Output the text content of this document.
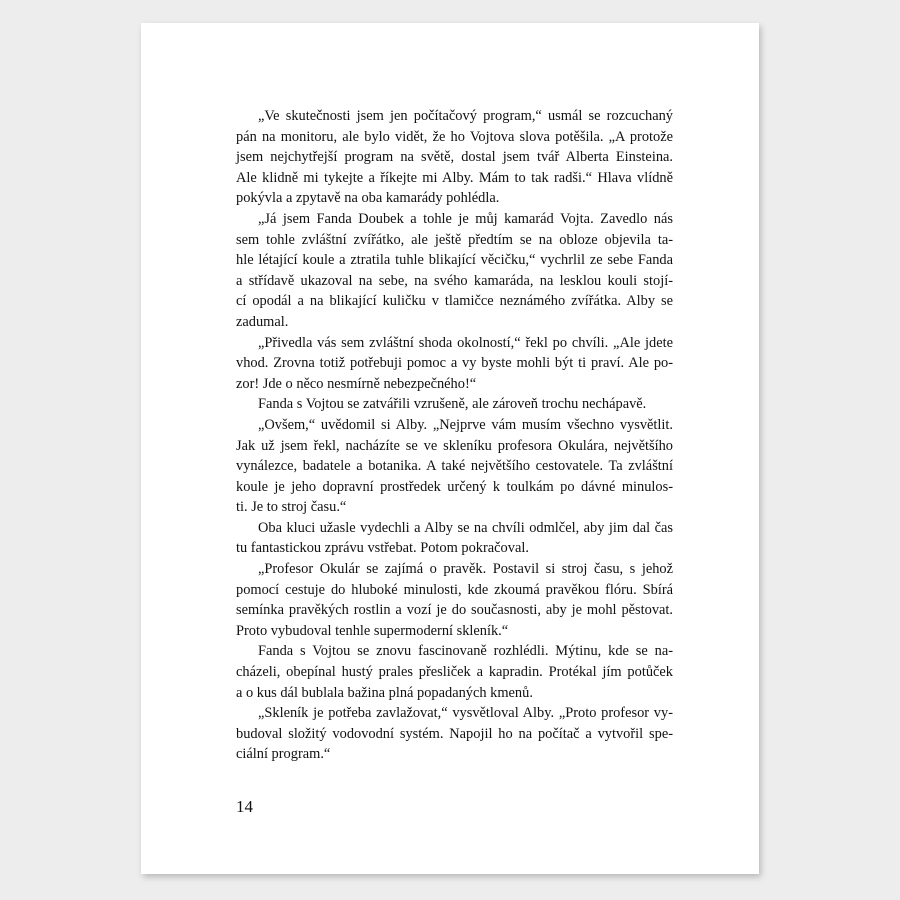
„Ve skutečnosti jsem jen počítačový program,“ usmál se rozcuchaný
pán na monitoru, ale bylo vidět, že ho Vojtova slova potěšila. „A protože
jsem nejchytřejší program na světě, dostal jsem tvář Alberta Einsteina.
Ale klidně mi tykejte a říkejte mi Alby. Mám to tak radši.“ Hlava vlídně
pokývla a zpytavě na oba kamarády pohlédla.
„Já jsem Fanda Doubek a tohle je můj kamarád Vojta. Zavedlo nás
sem tohle zvláštní zvířátko, ale ještě předtím se na obloze objevila ta-
hle létající koule a ztratila tuhle blikající věcičku,“ vychrlil ze sebe Fanda
a střídavě ukazoval na sebe, na svého kamaráda, na lesklou kouli stojí-
cí opodál a na blikající kuličku v tlamičce neznámého zvířátka. Alby se
zadumal.
„Přivedla vás sem zvláštní shoda okolností,“ řekl po chvíli. „Ale jdete
vhod. Zrovna totiž potřebuji pomoc a vy byste mohli být ti praví. Ale po-
zor! Jde o něco nesmírně nebezpečného!“
Fanda s Vojtou se zatvářili vzrušeně, ale zároveň trochu nechápavě.
„Ovšem,“ uvědomil si Alby. „Nejprve vám musím všechno vysvětlit.
Jak už jsem řekl, nacházíte se ve skleníku profesora Okulára, největšího
vynálezce, badatele a botanika. A také největšího cestovatele. Ta zvláštní
koule je jeho dopravní prostředek určený k toulkám po dávné minulos-
ti. Je to stroj času.“
Oba kluci užasle vydechli a Alby se na chvíli odmlčel, aby jim dal čas
tu fantastickou zprávu vstřebat. Potom pokračoval.
„Profesor Okulár se zajímá o pravěk. Postavil si stroj času, s jehož
pomocí cestuje do hluboké minulosti, kde zkoumá pravěkou flóru. Sbírá
semínka pravěkých rostlin a vozí je do současnosti, aby je mohl pěstovat.
Proto vybudoval tenhle supermoderní skleník.“
Fanda s Vojtou se znovu fascinovaně rozhlédli. Mýtinu, kde se na-
cházeli, obepínal hustý prales přesliček a kapradin. Protékal jím potůček
a o kus dál bublala bažina plná popadaných kmenů.
„Skleník je potřeba zavlažovat,“ vysvětloval Alby. „Proto profesor vy-
budoval složitý vodovodní systém. Napojil ho na počítač a vytvořil spe-
ciální program.“
14
